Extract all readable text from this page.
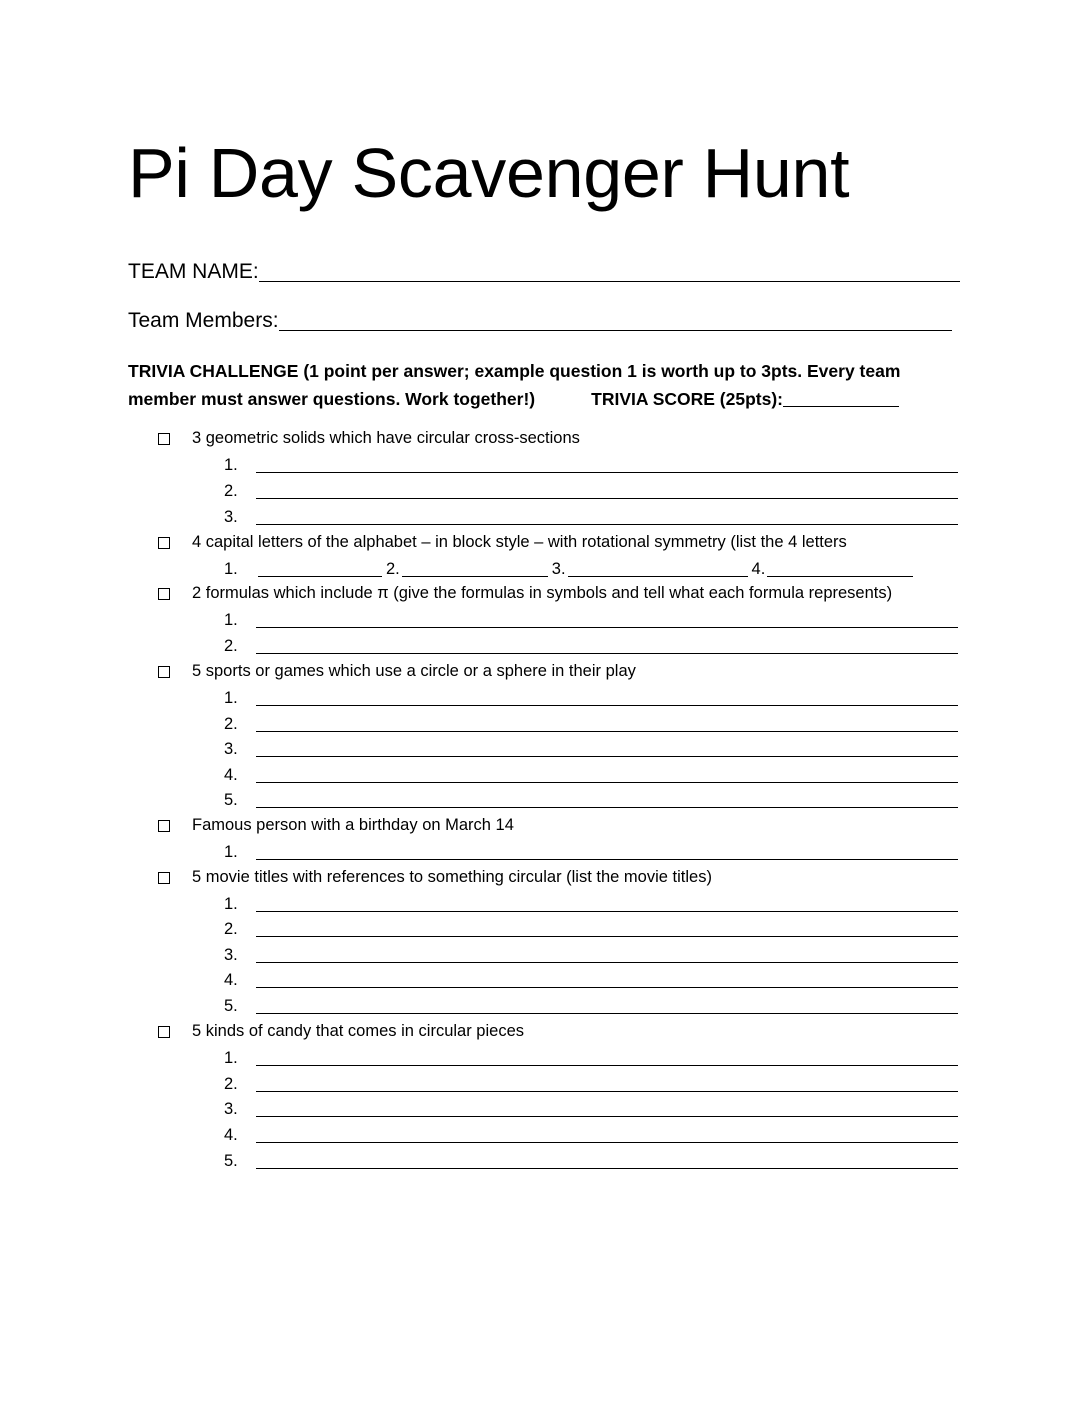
Pi Day Scavenger Hunt
TEAM NAME:
Team Members:
TRIVIA CHALLENGE (1 point per answer; example question 1 is worth up to 3pts. Every team
member must answer questions. Work together!)	TRIVIA SCORE (25pts):
3 geometric solids which have circular cross-sections
1.
2.
3.
4 capital letters of the alphabet – in block style – with rotational symmetry (list the 4 letters
1.	2.	3.	4.
2 formulas which include π (give the formulas in symbols and tell what each formula represents)
1.
2.
5 sports or games which use a circle or a sphere in their play
1.
2.
3.
4.
5.
Famous person with a birthday on March 14
1.
5 movie titles with references to something circular (list the movie titles)
1.
2.
3.
4.
5.
5 kinds of candy that comes in circular pieces
1.
2.
3.
4.
5.
